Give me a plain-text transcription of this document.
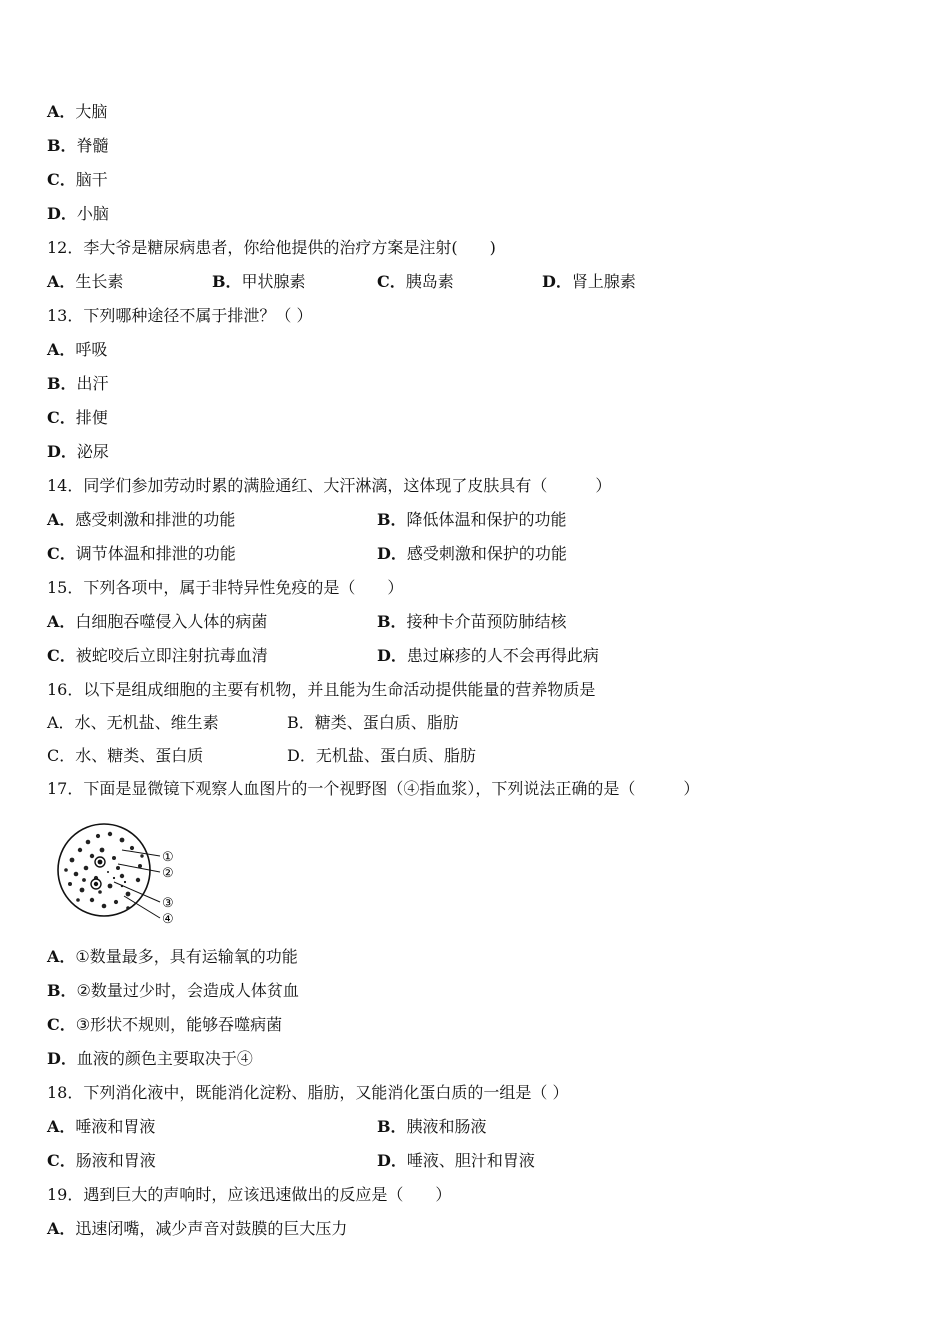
A．大脑
B．脊髓
C．脑干
D．小脑
12．李大爷是糖尿病患者，你给他提供的治疗方案是注射(　　)
A．生长素	B．甲状腺素	C．胰岛素	D．肾上腺素
13．下列哪种途径不属于排泄？（ ）
A．呼吸
B．出汗
C．排便
D．泌尿
14．同学们参加劳动时累的满脸通红、大汗淋漓，这体现了皮肤具有（　　　）
A．感受刺激和排泄的功能	B．降低体温和保护的功能
C．调节体温和排泄的功能	D．感受刺激和保护的功能
15．下列各项中，属于非特异性免疫的是（　　）
A．白细胞吞噬侵入人体的病菌	B．接种卡介苗预防肺结核
C．被蛇咬后立即注射抗毒血清	D．患过麻疹的人不会再得此病
16．以下是组成细胞的主要有机物，并且能为生命活动提供能量的营养物质是
A．水、无机盐、维生素	B．糖类、蛋白质、脂肪
C．水、糖类、蛋白质	D．无机盐、蛋白质、脂肪
17．下面是显微镜下观察人血图片的一个视野图（④指血浆），下列说法正确的是（　　　）
①
②
③
④
A．①数量最多，具有运输氧的功能
B．②数量过少时，会造成人体贫血
C．③形状不规则，能够吞噬病菌
D．血液的颜色主要取决于④
18．下列消化液中，既能消化淀粉、脂肪，又能消化蛋白质的一组是（ ）
A．唾液和胃液	B．胰液和肠液
C．肠液和胃液	D．唾液、胆汁和胃液
19．遇到巨大的声响时，应该迅速做出的反应是（　　）
A．迅速闭嘴，减少声音对鼓膜的巨大压力
